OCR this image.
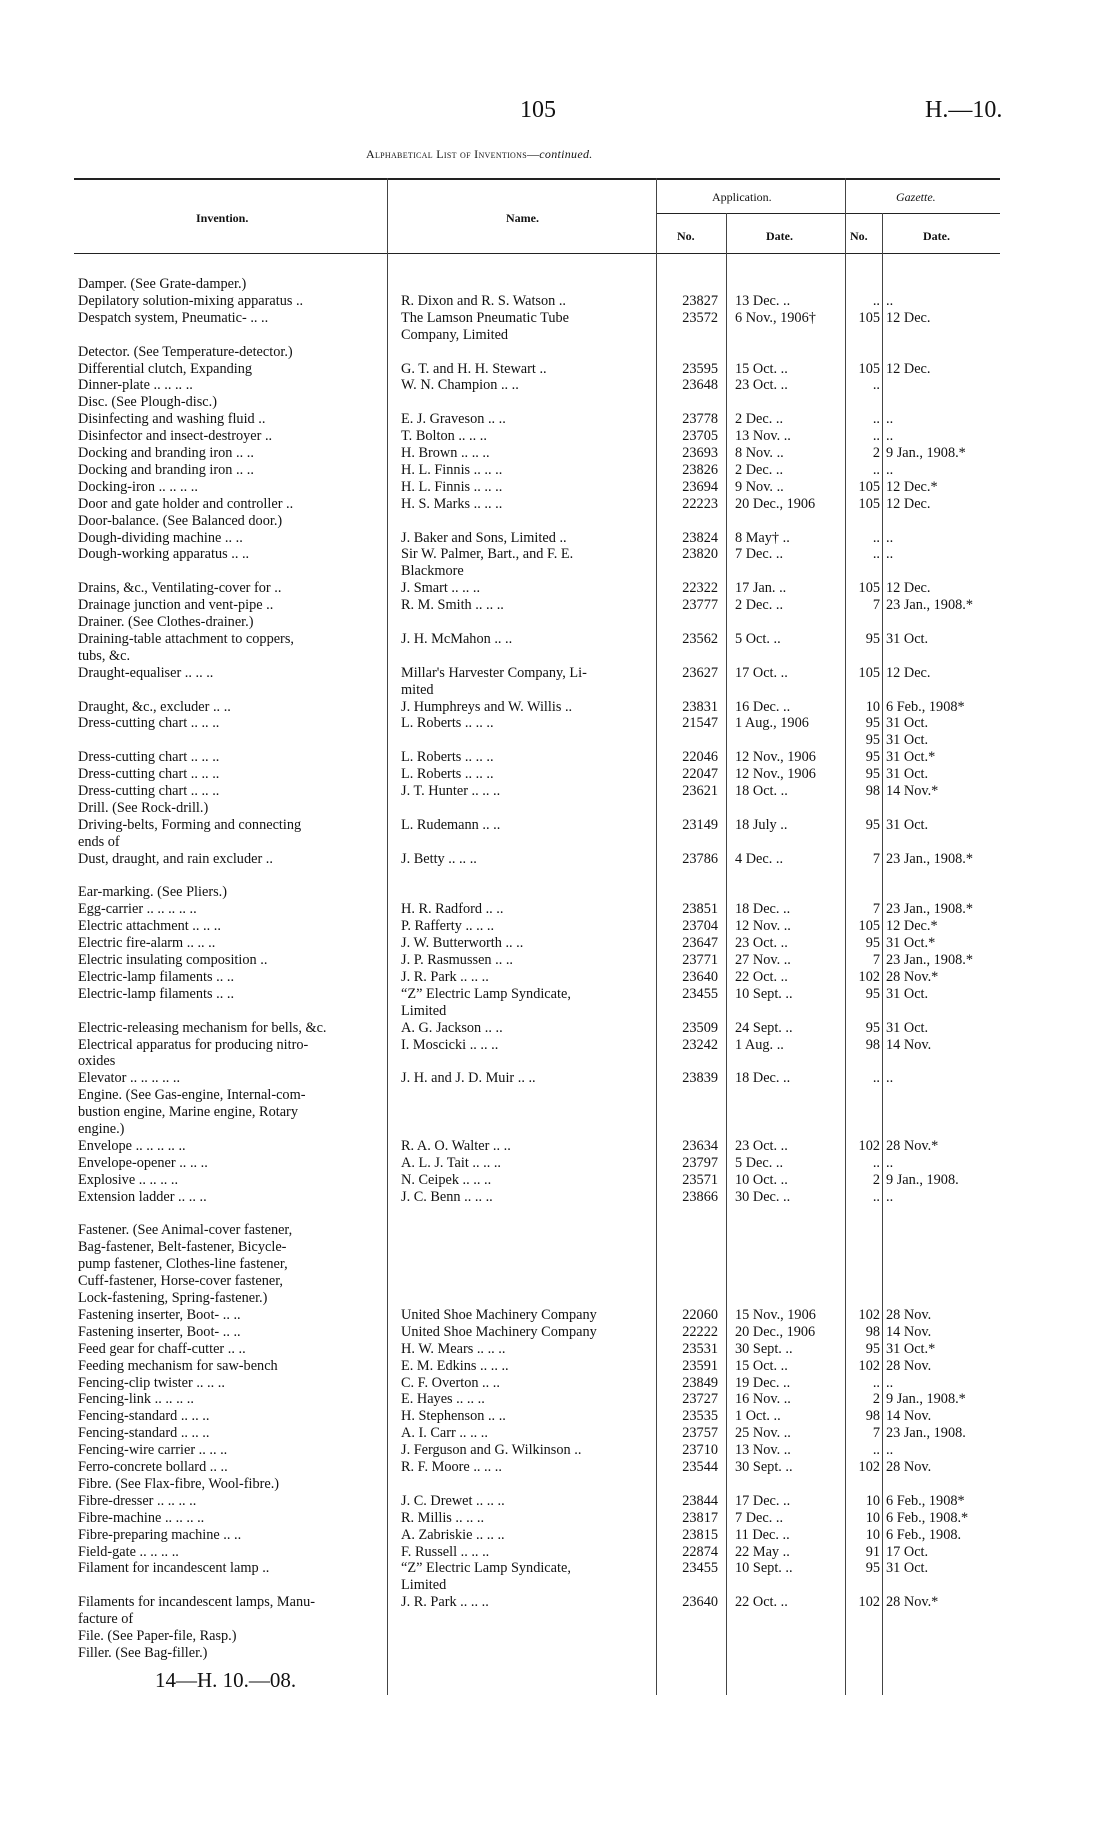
105	H.—10.
Alphabetical List of Inventions—continued.
Invention.	Name.
Application.	Gazette.
No.	Date.	No.	Date.
Damper. (See Grate-damper.)
Depilatory solution-mixing apparatus ..	R. Dixon and R. S. Watson ..	23827 13 Dec. ..	.. ..
Despatch system, Pneumatic- .. ..	The Lamson Pneumatic Tube	23572 6 Nov., 1906†	105 12 Dec.
Company, Limited
Detector. (See Temperature-detector.)
Differential clutch, Expanding	G. T. and H. H. Stewart ..	23595 15 Oct. ..	105 12 Dec.
Dinner-plate .. .. .. ..	W. N. Champion .. ..	23648 23 Oct. ..	..
Disc. (See Plough-disc.)
Disinfecting and washing fluid ..	E. J. Graveson .. ..	23778 2 Dec. ..	.. ..
Disinfector and insect-destroyer ..	T. Bolton .. .. ..	23705 13 Nov. ..	.. ..
Docking and branding iron .. ..	H. Brown .. .. ..	23693 8 Nov. ..	2 9 Jan., 1908.*
Docking and branding iron .. ..	H. L. Finnis .. .. ..	23826 2 Dec. ..	.. ..
Docking-iron .. .. .. ..	H. L. Finnis .. .. ..	23694 9 Nov. ..	105 12 Dec.*
Door and gate holder and controller ..	H. S. Marks .. .. ..	22223 20 Dec., 1906	105 12 Dec.
Door-balance. (See Balanced door.)
Dough-dividing machine .. ..	J. Baker and Sons, Limited ..	23824 8 May† ..	.. ..
Dough-working apparatus .. ..	Sir W. Palmer, Bart., and F. E.	23820 7 Dec. ..	.. ..
Blackmore
Drains, &c., Ventilating-cover for ..	J. Smart .. .. ..	22322 17 Jan. ..	105 12 Dec.
Drainage junction and vent-pipe ..	R. M. Smith .. .. ..	23777 2 Dec. ..	7 23 Jan., 1908.*
Drainer. (See Clothes-drainer.)
Draining-table attachment to coppers,	J. H. McMahon .. ..	23562 5 Oct. ..	95 31 Oct.
tubs, &c.
Draught-equaliser .. .. ..	Millar's Harvester Company, Li-	23627 17 Oct. ..	105 12 Dec.
mited
Draught, &c., excluder .. ..	J. Humphreys and W. Willis ..	23831 16 Dec. ..	10 6 Feb., 1908*
Dress-cutting chart .. .. ..	L. Roberts .. .. ..	21547 1 Aug., 1906	95 31 Oct.
95 31 Oct.
Dress-cutting chart .. .. ..	L. Roberts .. .. ..	22046 12 Nov., 1906	95 31 Oct.*
Dress-cutting chart .. .. ..	L. Roberts .. .. ..	22047 12 Nov., 1906	95 31 Oct.
Dress-cutting chart .. .. ..	J. T. Hunter .. .. ..	23621 18 Oct. ..	98 14 Nov.*
Drill. (See Rock-drill.)
Driving-belts, Forming and connecting	L. Rudemann .. ..	23149 18 July ..	95 31 Oct.
ends of
Dust, draught, and rain excluder ..	J. Betty .. .. ..	23786 4 Dec. ..	7 23 Jan., 1908.*
Ear-marking. (See Pliers.)
Egg-carrier .. .. .. .. ..	H. R. Radford .. ..	23851 18 Dec. ..	7 23 Jan., 1908.*
Electric attachment .. .. ..	P. Rafferty .. .. ..	23704 12 Nov. ..	105 12 Dec.*
Electric fire-alarm .. .. ..	J. W. Butterworth .. ..	23647 23 Oct. ..	95 31 Oct.*
Electric insulating composition ..	J. P. Rasmussen .. ..	23771 27 Nov. ..	7 23 Jan., 1908.*
Electric-lamp filaments .. ..	J. R. Park .. .. ..	23640 22 Oct. ..	102 28 Nov.*
Electric-lamp filaments .. ..	“Z” Electric Lamp Syndicate,	23455 10 Sept. ..	95 31 Oct.
Limited
Electric-releasing mechanism for bells, &c.	A. G. Jackson .. ..	23509 24 Sept. ..	95 31 Oct.
Electrical apparatus for producing nitro-	I. Moscicki .. .. ..	23242 1 Aug. ..	98 14 Nov.
oxides
Elevator .. .. .. .. ..	J. H. and J. D. Muir .. ..	23839 18 Dec. ..	.. ..
Engine. (See Gas-engine, Internal-com-
bustion engine, Marine engine, Rotary
engine.)
Envelope .. .. .. .. ..	R. A. O. Walter .. ..	23634 23 Oct. ..	102 28 Nov.*
Envelope-opener .. .. ..	A. L. J. Tait .. .. ..	23797 5 Dec. ..	.. ..
Explosive .. .. .. ..	N. Ceipek .. .. ..	23571 10 Oct. ..	2 9 Jan., 1908.
Extension ladder .. .. ..	J. C. Benn .. .. ..	23866 30 Dec. ..	.. ..
Fastener. (See Animal-cover fastener,
Bag-fastener, Belt-fastener, Bicycle-
pump fastener, Clothes-line fastener,
Cuff-fastener, Horse-cover fastener,
Lock-fastening, Spring-fastener.)
Fastening inserter, Boot- .. ..	United Shoe Machinery Company	22060 15 Nov., 1906	102 28 Nov.
Fastening inserter, Boot- .. ..	United Shoe Machinery Company	22222 20 Dec., 1906	98 14 Nov.
Feed gear for chaff-cutter .. ..	H. W. Mears .. .. ..	23531 30 Sept. ..	95 31 Oct.*
Feeding mechanism for saw-bench	E. M. Edkins .. .. ..	23591 15 Oct. ..	102 28 Nov.
Fencing-clip twister .. .. ..	C. F. Overton .. ..	23849 19 Dec. ..	.. ..
Fencing-link .. .. .. ..	E. Hayes .. .. ..	23727 16 Nov. ..	2 9 Jan., 1908.*
Fencing-standard .. .. ..	H. Stephenson .. ..	23535 1 Oct. ..	98 14 Nov.
Fencing-standard .. .. ..	A. I. Carr .. .. ..	23757 25 Nov. ..	7 23 Jan., 1908.
Fencing-wire carrier .. .. ..	J. Ferguson and G. Wilkinson ..	23710 13 Nov. ..	.. ..
Ferro-concrete bollard .. ..	R. F. Moore .. .. ..	23544 30 Sept. ..	102 28 Nov.
Fibre. (See Flax-fibre, Wool-fibre.)
Fibre-dresser .. .. .. ..	J. C. Drewet .. .. ..	23844 17 Dec. ..	10 6 Feb., 1908*
Fibre-machine .. .. .. ..	R. Millis .. .. ..	23817 7 Dec. ..	10 6 Feb., 1908.*
Fibre-preparing machine .. ..	A. Zabriskie .. .. ..	23815 11 Dec. ..	10 6 Feb., 1908.
Field-gate .. .. .. ..	F. Russell .. .. ..	22874 22 May ..	91 17 Oct.
Filament for incandescent lamp ..	“Z” Electric Lamp Syndicate,	23455 10 Sept. ..	95 31 Oct.
Limited
Filaments for incandescent lamps, Manu-	J. R. Park .. .. ..	23640 22 Oct. ..	102 28 Nov.*
facture of
File. (See Paper-file, Rasp.)
Filler. (See Bag-filler.)
14—H. 10.—08.
